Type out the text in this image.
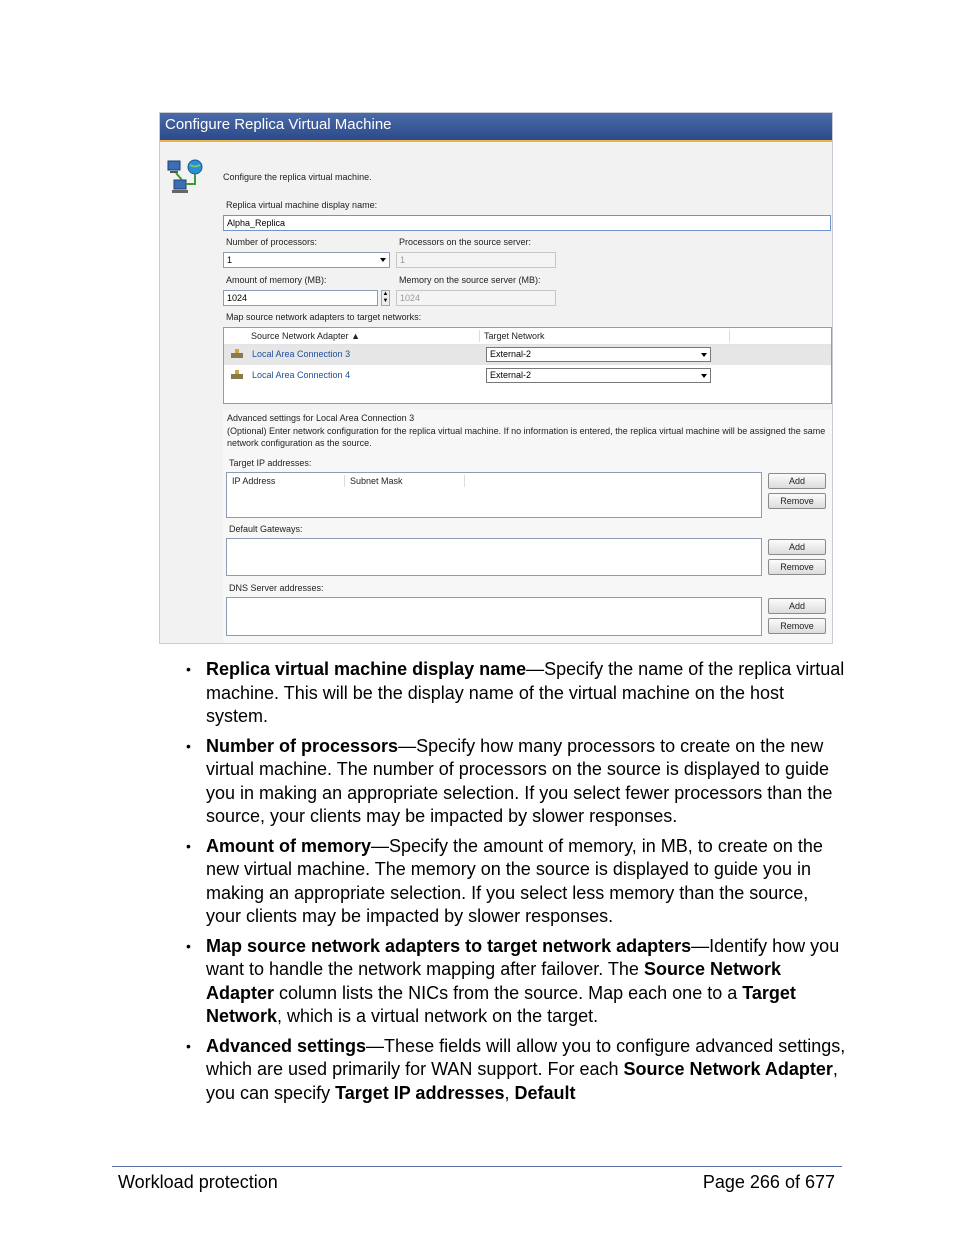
Configure Replica Virtual Machine
Configure the replica virtual machine.
Replica virtual machine display name:
Alpha_Replica
Number of processors:
1
Processors on the source server:
1
Amount of memory (MB):
1024	▲
▼
Memory on the source server (MB):
1024
Map source network adapters to target networks:
Source Network Adapter ▲	Target Network
Local Area Connection 3	External-2
Local Area Connection 4	External-2
Advanced settings for Local Area Connection 3
(Optional) Enter network configuration for the replica virtual machine. If no information is entered, the replica virtual machine will be assigned the same network configuration as the source.
Target IP addresses:
IP Address	Subnet Mask	Add
Remove
Default Gateways:
Add
Remove
DNS Server addresses:
Add
Remove
• Replica virtual machine display name—Specify the name of the replica virtual machine. This will be the display name of the virtual machine on the host system.
• Number of processors—Specify how many processors to create on the new virtual machine. The number of processors on the source is displayed to guide you in making an appropriate selection. If you select fewer processors than the source, your clients may be impacted by slower responses.
• Amount of memory—Specify the amount of memory, in MB, to create on the new virtual machine. The memory on the source is displayed to guide you in making an appropriate selection. If you select less memory than the source, your clients may be impacted by slower responses.
• Map source network adapters to target network adapters—Identify how you want to handle the network mapping after failover. The Source Network Adapter column lists the NICs from the source. Map each one to a Target Network, which is a virtual network on the target.
• Advanced settings—These fields will allow you to configure advanced settings, which are used primarily for WAN support. For each Source Network Adapter, you can specify Target IP addresses, Default
Workload protection	Page 266 of 677
